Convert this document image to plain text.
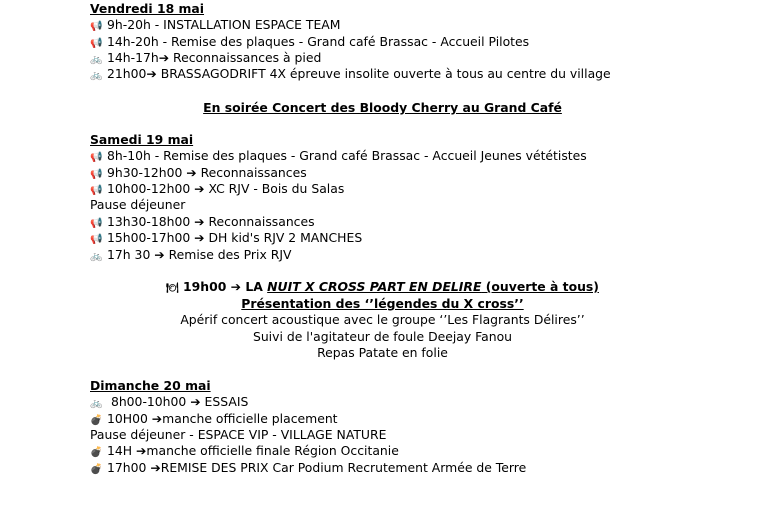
Vendredi 18 mai
📢 9h-20h - INSTALLATION ESPACE TEAM
📢 14h-20h - Remise des plaques - Grand café Brassac - Accueil Pilotes
🚲 14h-17h➔ Reconnaissances à pied
🚲 21h00➔ BRASSAGODRIFT 4X épreuve insolite ouverte à tous au centre du village
En soirée Concert des Bloody Cherry au Grand Café
Samedi 19 mai
📢 8h-10h - Remise des plaques - Grand café Brassac - Accueil Jeunes vététistes
📢 9h30-12h00 ➔ Reconnaissances
📢 10h00-12h00 ➔ XC RJV - Bois du Salas
Pause déjeuner
📢 13h30-18h00 ➔ Reconnaissances
📢 15h00-17h00 ➔ DH kid's RJV 2 MANCHES
🚲 17h 30 ➔ Remise des Prix RJV
🍽 19h00 ➔ LA NUIT X CROSS PART EN DELIRE (ouverte à tous)
Présentation des ‘’légendes du X cross’’
Apérif concert acoustique avec le groupe ‘’Les Flagrants Délires’’
Suivi de l'agitateur de foule Deejay Fanou
Repas Patate en folie
Dimanche 20 mai
🚲 8h00-10h00 ➔ ESSAIS
💣 10H00 ➔manche officielle placement
Pause déjeuner - ESPACE VIP - VILLAGE NATURE
💣 14H ➔manche officielle finale Région Occitanie
💣 17h00 ➔REMISE DES PRIX Car Podium Recrutement Armée de Terre
